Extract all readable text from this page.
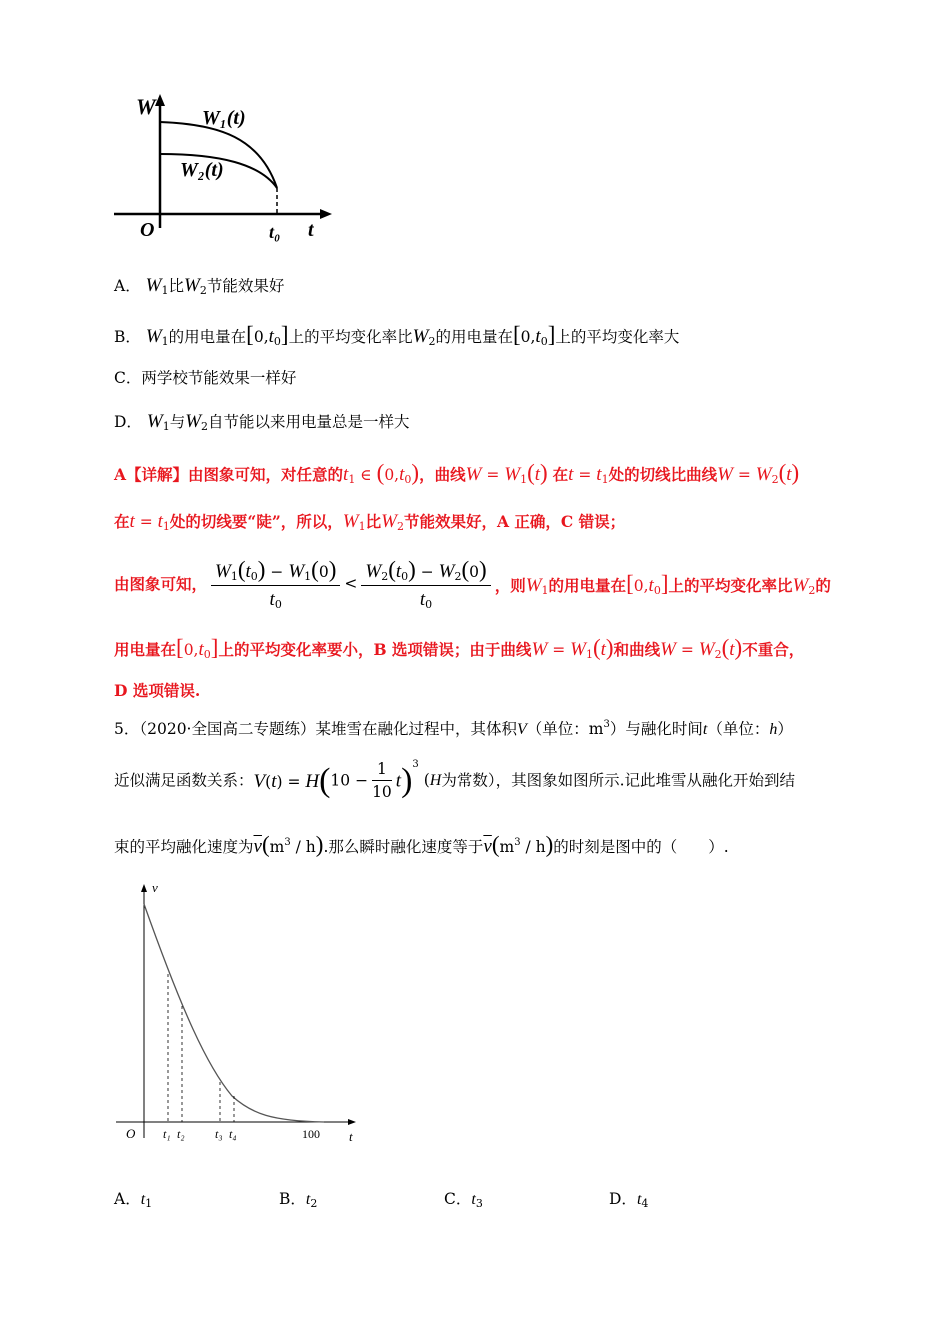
W
t
O
W₁(t)
W₂(t)
t₀
A． $W_1$比$W_2$节能效果好
B． $W_1$的用电量在$[0,t_0]$上的平均变化率比$W_2$的用电量在$[0,t_0]$上的平均变化率大
C．两学校节能效果一样好
D． $W_1$与$W_2$自节能以来用电量总是一样大
A【详解】由图象可知，对任意的$t_1$ ∈ $(0,t_0)$，曲线$W = W_1(t)$ 在$t = t_1$处的切线比曲线$W = W_2(t)$
在$t = t_1$处的切线要“陡”，所以，$W_1$比$W_2$节能效果好，A 正确，C 错误；
由图象可知， $\frac{W_1(t_0) - W_1(0)}{t_0} < \frac{W_2(t_0) - W_2(0)}{t_0}$ ，则$W_1$的用电量在$[0,t_0]$上的平均变化率比$W_2$的
用电量在$[0,t_0]$上的平均变化率要小，B 选项错误；由于曲线$W = W_1(t)$和曲线$W = W_2(t)$不重合，
D 选项错误.
5．（2020·全国高二专题练）某堆雪在融化过程中，其体积V（单位：$m^3$）与融化时间t（单位：h）
近似满足函数关系：$V(t) = H(10 - \frac{1}{10} t)^3$ (H为常数），其图象如图所示.记此堆雪从融化开始到结
束的平均融化速度为$\overline{v}(m^3 / h)$.那么瞬时融化速度等于$\overline{v}(m^3 / h)$的时刻是图中的（　　）.
v
t
O t₁ t₂	t₃ t₄	100
A．$t_1$	B．$t_2$	C．$t_3$	D．$t_4$
